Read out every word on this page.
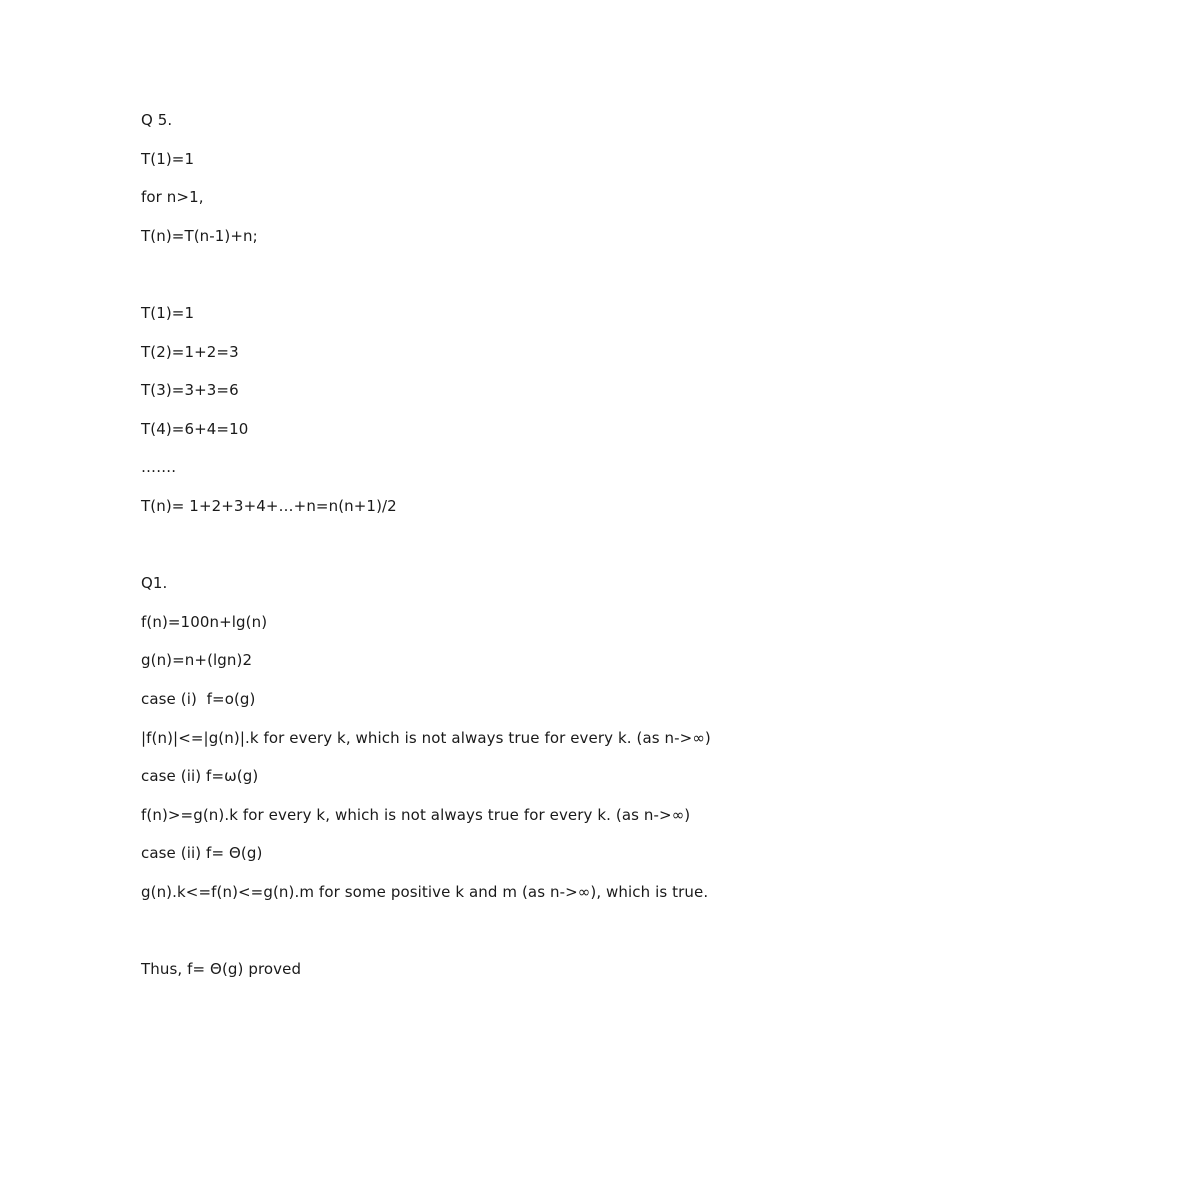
Q 5.
T(1)=1
for n>1,
T(n)=T(n-1)+n;
T(1)=1
T(2)=1+2=3
T(3)=3+3=6
T(4)=6+4=10
…….
T(n)= 1+2+3+4+…+n=n(n+1)/2
Q1.
f(n)=100n+lg(n)
g(n)=n+(lgn)2
case (i)  f=o(g)
|f(n)|<=|g(n)|.k for every k, which is not always true for every k. (as n->∞)
case (ii) f=ω(g)
f(n)>=g(n).k for every k, which is not always true for every k. (as n->∞)
case (ii) f= Θ(g)
g(n).k<=f(n)<=g(n).m for some positive k and m (as n->∞), which is true.
Thus, f= Θ(g) proved
